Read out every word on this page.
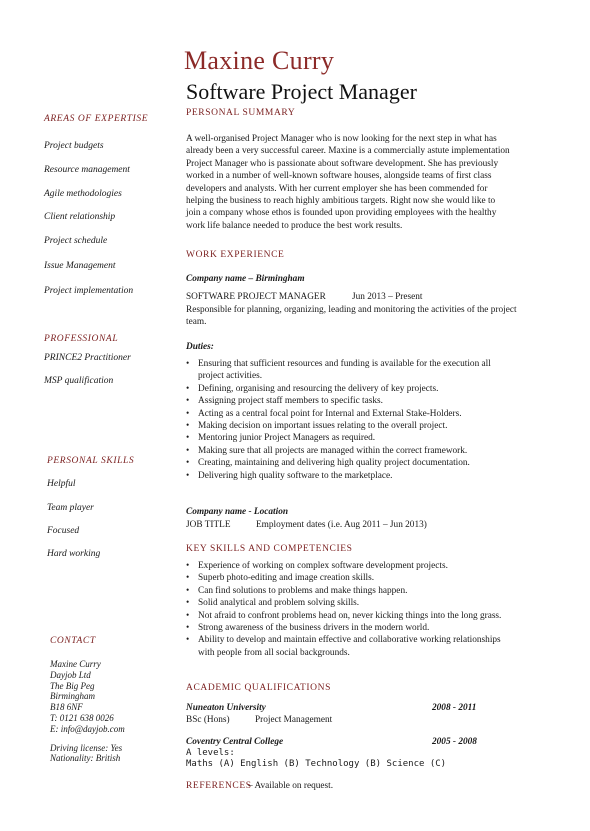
Maxine Curry
Software Project Manager
AREAS OF EXPERTISE
Project budgets
Resource management
Agile methodologies
Client relationship
Project schedule
Issue Management
Project implementation
PROFESSIONAL
PRINCE2 Practitioner
MSP qualification
PERSONAL SKILLS
Helpful
Team player
Focused
Hard working
CONTACT
Maxine Curry
Dayjob Ltd
The Big Peg
Birmingham
B18 6NF
T: 0121 638 0026
E: info@dayjob.com
Driving license: Yes
Nationality: British
PERSONAL SUMMARY
A well-organised Project Manager who is now looking for the next step in what has
already been a very successful career. Maxine is a commercially astute implementation
Project Manager who is passionate about software development. She has previously
worked in a number of well-known software houses, alongside teams of first class
developers and analysts. With her current employer she has been commended for
helping the business to reach highly ambitious targets. Right now she would like to
join a company whose ethos is founded upon providing employees with the healthy
work life balance needed to produce the best work results.
WORK EXPERIENCE
Company name – Birmingham
SOFTWARE PROJECT MANAGER	Jun 2013 – Present
Responsible for planning, organizing, leading and monitoring the activities of the project
team.
Duties:
• Ensuring that sufficient resources and funding is available for the execution all
project activities.
• Defining, organising and resourcing the delivery of key projects.
• Assigning project staff members to specific tasks.
• Acting as a central focal point for Internal and External Stake-Holders.
• Making decision on important issues relating to the overall project.
• Mentoring junior Project Managers as required.
• Making sure that all projects are managed within the correct framework.
• Creating, maintaining and delivering high quality project documentation.
• Delivering high quality software to the marketplace.
Company name - Location
JOB TITLE	Employment dates (i.e. Aug 2011 – Jun 2013)
KEY SKILLS AND COMPETENCIES
• Experience of working on complex software development projects.
• Superb photo-editing and image creation skills.
• Can find solutions to problems and make things happen.
• Solid analytical and problem solving skills.
• Not afraid to confront problems head on, never kicking things into the long grass.
• Strong awareness of the business drivers in the modern world.
• Ability to develop and maintain effective and collaborative working relationships
with people from all social backgrounds.
ACADEMIC QUALIFICATIONS
Nuneaton University	2008 - 2011
BSc (Hons)	Project Management
Coventry Central College	2005 - 2008
A levels:
Maths (A) English (B) Technology (B) Science (C)
REFERENCES
– Available on request.
